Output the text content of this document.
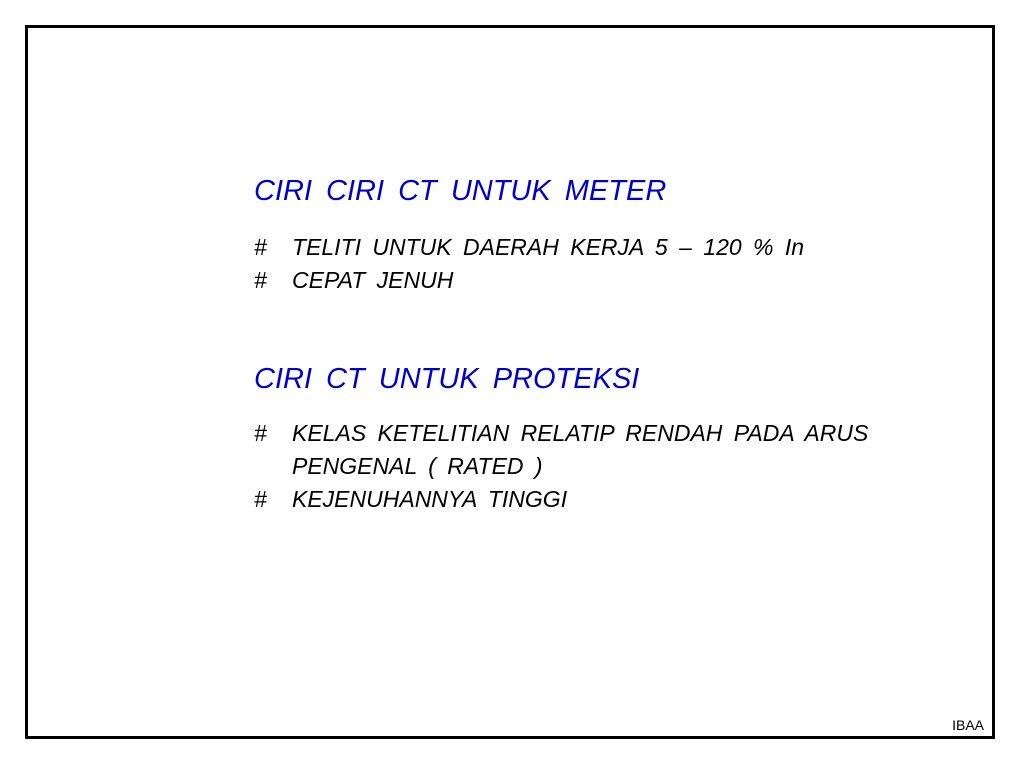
CIRI CIRI CT UNTUK METER
#	TELITI UNTUK DAERAH KERJA 5 – 120 % In
#	CEPAT JENUH
CIRI CT UNTUK PROTEKSI
#	KELAS KETELITIAN RELATIP RENDAH PADA ARUS PENGENAL ( RATED )
#	KEJENUHANNYA TINGGI
IBAA
